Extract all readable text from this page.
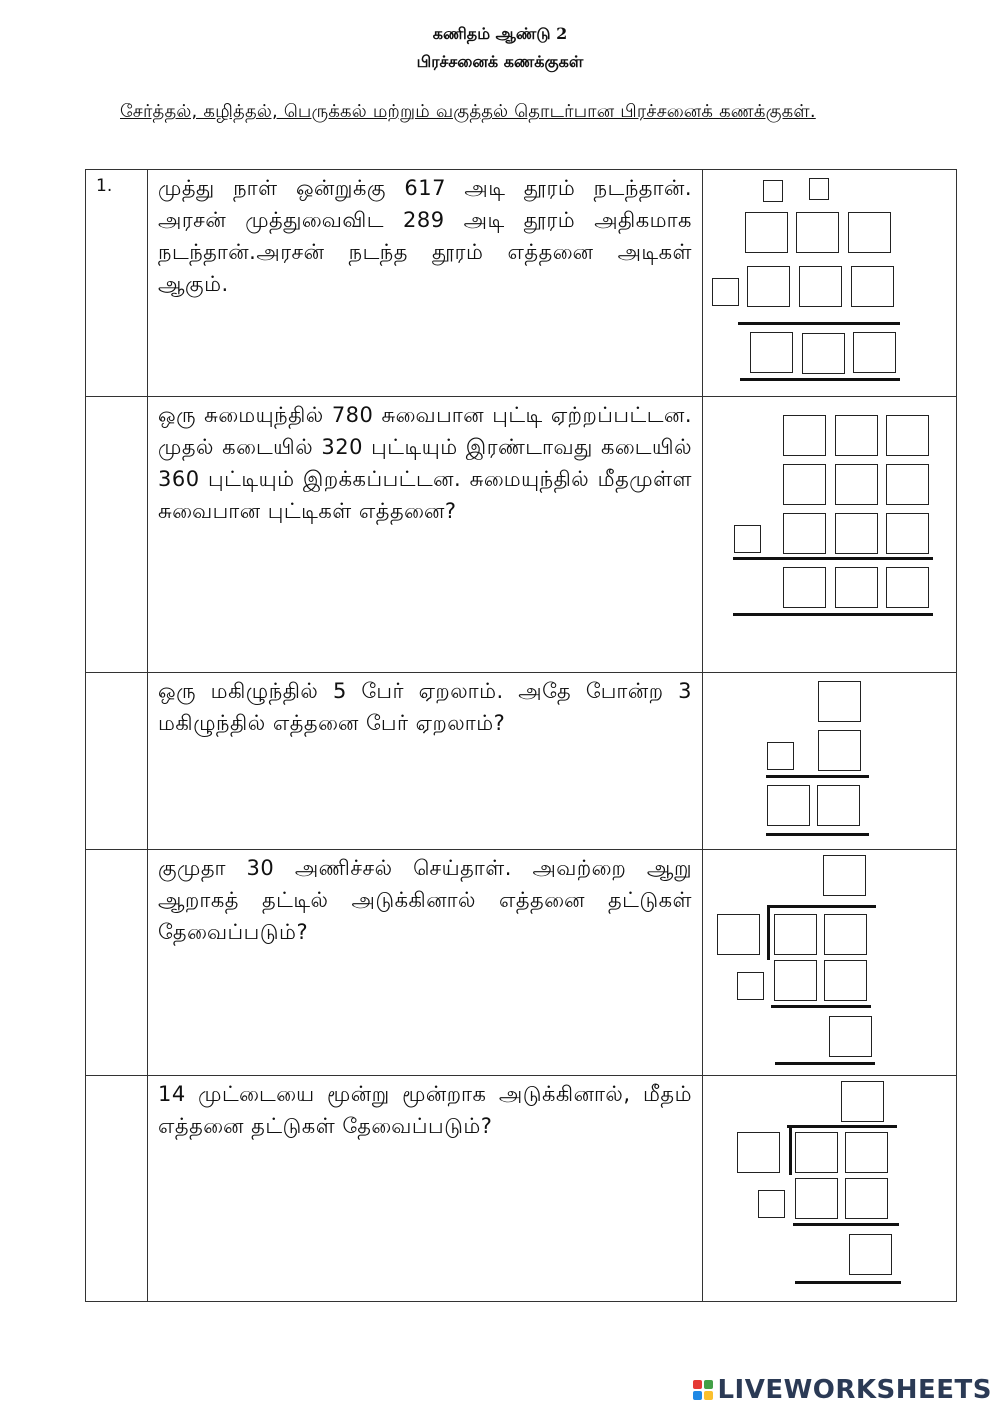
கணிதம் ஆண்டு 2
பிரச்சனைக் கணக்குகள்
சேர்த்தல், கழித்தல், பெருக்கல் மற்றும் வகுத்தல் தொடர்பான பிரச்சனைக் கணக்குகள்.
1.	முத்து நாள் ஒன்றுக்கு 617 அடி தூரம் நடந்தான். அரசன் முத்துவைவிட 289 அடி தூரம் அதிகமாக நடந்தான்.அரசன் நடந்த தூரம் எத்தனை அடிகள் ஆகும்.	

	ஒரு சுமையுந்தில் 780 சுவைபான புட்டி ஏற்றப்பட்டன. முதல் கடையில் 320 புட்டியும் இரண்டாவது கடையில் 360 புட்டியும் இறக்கப்பட்டன. சுமையுந்தில் மீதமுள்ள சுவைபான புட்டிகள் எத்தனை?	

	ஒரு மகிழுந்தில் 5 பேர் ஏறலாம். அதே போன்ற 3 மகிழுந்தில் எத்தனை பேர் ஏறலாம்?	

	குமுதா 30 அணிச்சல் செய்தாள். அவற்றை ஆறு ஆறாகத் தட்டில் அடுக்கினால் எத்தனை தட்டுகள் தேவைப்படும்?	

	14 முட்டையை மூன்று மூன்றாக அடுக்கினால், மீதம் எத்தனை தட்டுகள் தேவைப்படும்?	
LIVEWORKSHEETS
